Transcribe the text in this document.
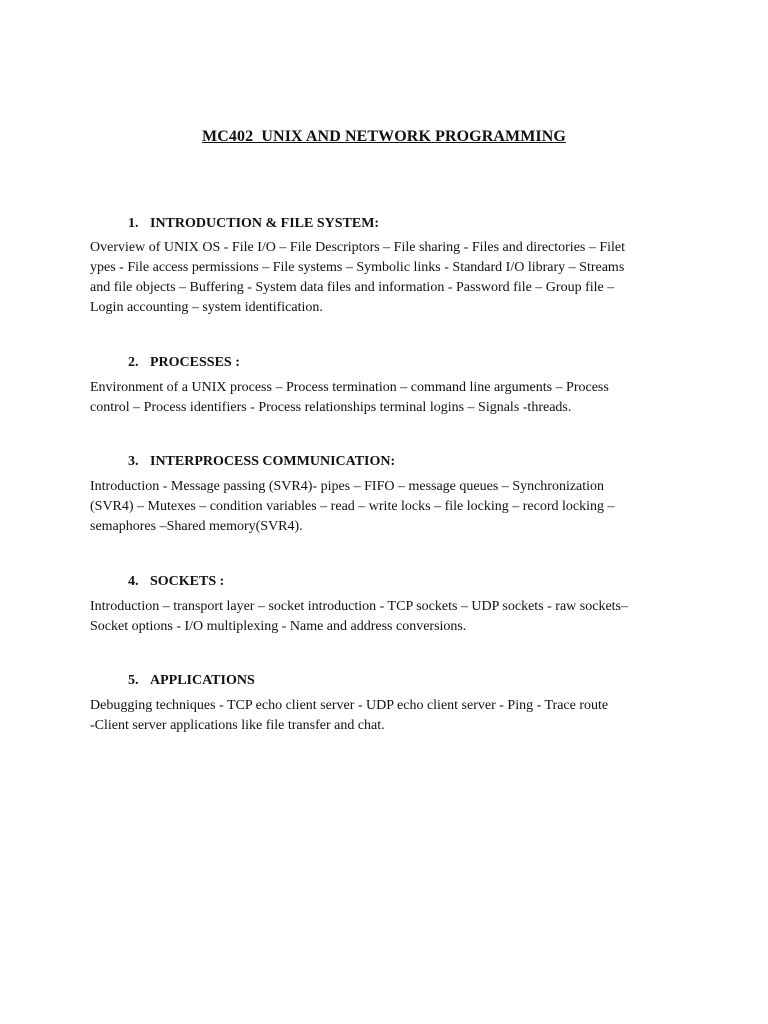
MC402  UNIX AND NETWORK PROGRAMMING

1. INTRODUCTION & FILE SYSTEM:

Overview of UNIX OS - File I/O – File Descriptors – File sharing - Files and directories – Filet
ypes - File access permissions – File systems – Symbolic links - Standard I/O library – Streams
and file objects – Buffering - System data files and information - Password file – Group file –
Login accounting – system identification.

2. PROCESSES :

Environment of a UNIX process – Process termination – command line arguments – Process
control – Process identifiers - Process relationships terminal logins – Signals -threads.

3. INTERPROCESS COMMUNICATION:

Introduction - Message passing (SVR4)- pipes – FIFO – message queues – Synchronization
(SVR4) – Mutexes – condition variables – read – write locks – file locking – record locking –
semaphores –Shared memory(SVR4).

4. SOCKETS :

Introduction – transport layer – socket introduction - TCP sockets – UDP sockets - raw sockets–
Socket options - I/O multiplexing - Name and address conversions.

5. APPLICATIONS

Debugging techniques - TCP echo client server - UDP echo client server - Ping - Trace route
-Client server applications like file transfer and chat.
